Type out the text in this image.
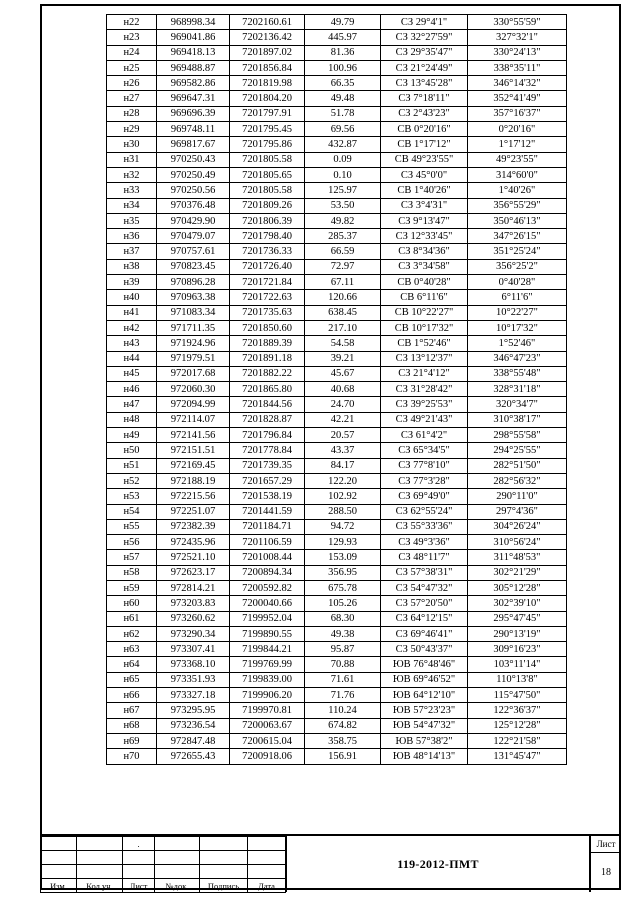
н22	968998.34	7202160.61	49.79	СЗ 29°4'1"	330°55'59"
н23	969041.86	7202136.42	445.97	СЗ 32°27'59"	327°32'1"
н24	969418.13	7201897.02	81.36	СЗ 29°35'47"	330°24'13"
н25	969488.87	7201856.84	100.96	СЗ 21°24'49"	338°35'11"
н26	969582.86	7201819.98	66.35	СЗ 13°45'28"	346°14'32"
н27	969647.31	7201804.20	49.48	СЗ 7°18'11"	352°41'49"
н28	969696.39	7201797.91	51.78	СЗ 2°43'23"	357°16'37"
н29	969748.11	7201795.45	69.56	СВ 0°20'16"	0°20'16"
н30	969817.67	7201795.86	432.87	СВ 1°17'12"	1°17'12"
н31	970250.43	7201805.58	0.09	СВ 49°23'55"	49°23'55"
н32	970250.49	7201805.65	0.10	СЗ 45°0'0"	314°60'0"
н33	970250.56	7201805.58	125.97	СВ 1°40'26"	1°40'26"
н34	970376.48	7201809.26	53.50	СЗ 3°4'31"	356°55'29"
н35	970429.90	7201806.39	49.82	СЗ 9°13'47"	350°46'13"
н36	970479.07	7201798.40	285.37	СЗ 12°33'45"	347°26'15"
н37	970757.61	7201736.33	66.59	СЗ 8°34'36"	351°25'24"
н38	970823.45	7201726.40	72.97	СЗ 3°34'58"	356°25'2"
н39	970896.28	7201721.84	67.11	СВ 0°40'28"	0°40'28"
н40	970963.38	7201722.63	120.66	СВ 6°11'6"	6°11'6"
н41	971083.34	7201735.63	638.45	СВ 10°22'27"	10°22'27"
н42	971711.35	7201850.60	217.10	СВ 10°17'32"	10°17'32"
н43	971924.96	7201889.39	54.58	СВ 1°52'46"	1°52'46"
н44	971979.51	7201891.18	39.21	СЗ 13°12'37"	346°47'23"
н45	972017.68	7201882.22	45.67	СЗ 21°4'12"	338°55'48"
н46	972060.30	7201865.80	40.68	СЗ 31°28'42"	328°31'18"
н47	972094.99	7201844.56	24.70	СЗ 39°25'53"	320°34'7"
н48	972114.07	7201828.87	42.21	СЗ 49°21'43"	310°38'17"
н49	972141.56	7201796.84	20.57	СЗ 61°4'2"	298°55'58"
н50	972151.51	7201778.84	43.37	СЗ 65°34'5"	294°25'55"
н51	972169.45	7201739.35	84.17	СЗ 77°8'10"	282°51'50"
н52	972188.19	7201657.29	122.20	СЗ 77°3'28"	282°56'32"
н53	972215.56	7201538.19	102.92	СЗ 69°49'0"	290°11'0"
н54	972251.07	7201441.59	288.50	СЗ 62°55'24"	297°4'36"
н55	972382.39	7201184.71	94.72	СЗ 55°33'36"	304°26'24"
н56	972435.96	7201106.59	129.93	СЗ 49°3'36"	310°56'24"
н57	972521.10	7201008.44	153.09	СЗ 48°11'7"	311°48'53"
н58	972623.17	7200894.34	356.95	СЗ 57°38'31"	302°21'29"
н59	972814.21	7200592.82	675.78	СЗ 54°47'32"	305°12'28"
н60	973203.83	7200040.66	105.26	СЗ 57°20'50"	302°39'10"
н61	973260.62	7199952.04	68.30	СЗ 64°12'15"	295°47'45"
н62	973290.34	7199890.55	49.38	СЗ 69°46'41"	290°13'19"
н63	973307.41	7199844.21	95.87	СЗ 50°43'37"	309°16'23"
н64	973368.10	7199769.99	70.88	ЮВ 76°48'46"	103°11'14"
н65	973351.93	7199839.00	71.61	ЮВ 69°46'52"	110°13'8"
н66	973327.18	7199906.20	71.76	ЮВ 64°12'10"	115°47'50"
н67	973295.95	7199970.81	110.24	ЮВ 57°23'23"	122°36'37"
н68	973236.54	7200063.67	674.82	ЮВ 54°47'32"	125°12'28"
н69	972847.48	7200615.04	358.75	ЮВ 57°38'2"	122°21'58"
н70	972655.43	7200918.06	156.91	ЮВ 48°14'13"	131°45'47"
		.			

Изм.	Кол.уч.	Лист	№док.	Подпись	Дата
119-2012-ПМТ
Лист
18
